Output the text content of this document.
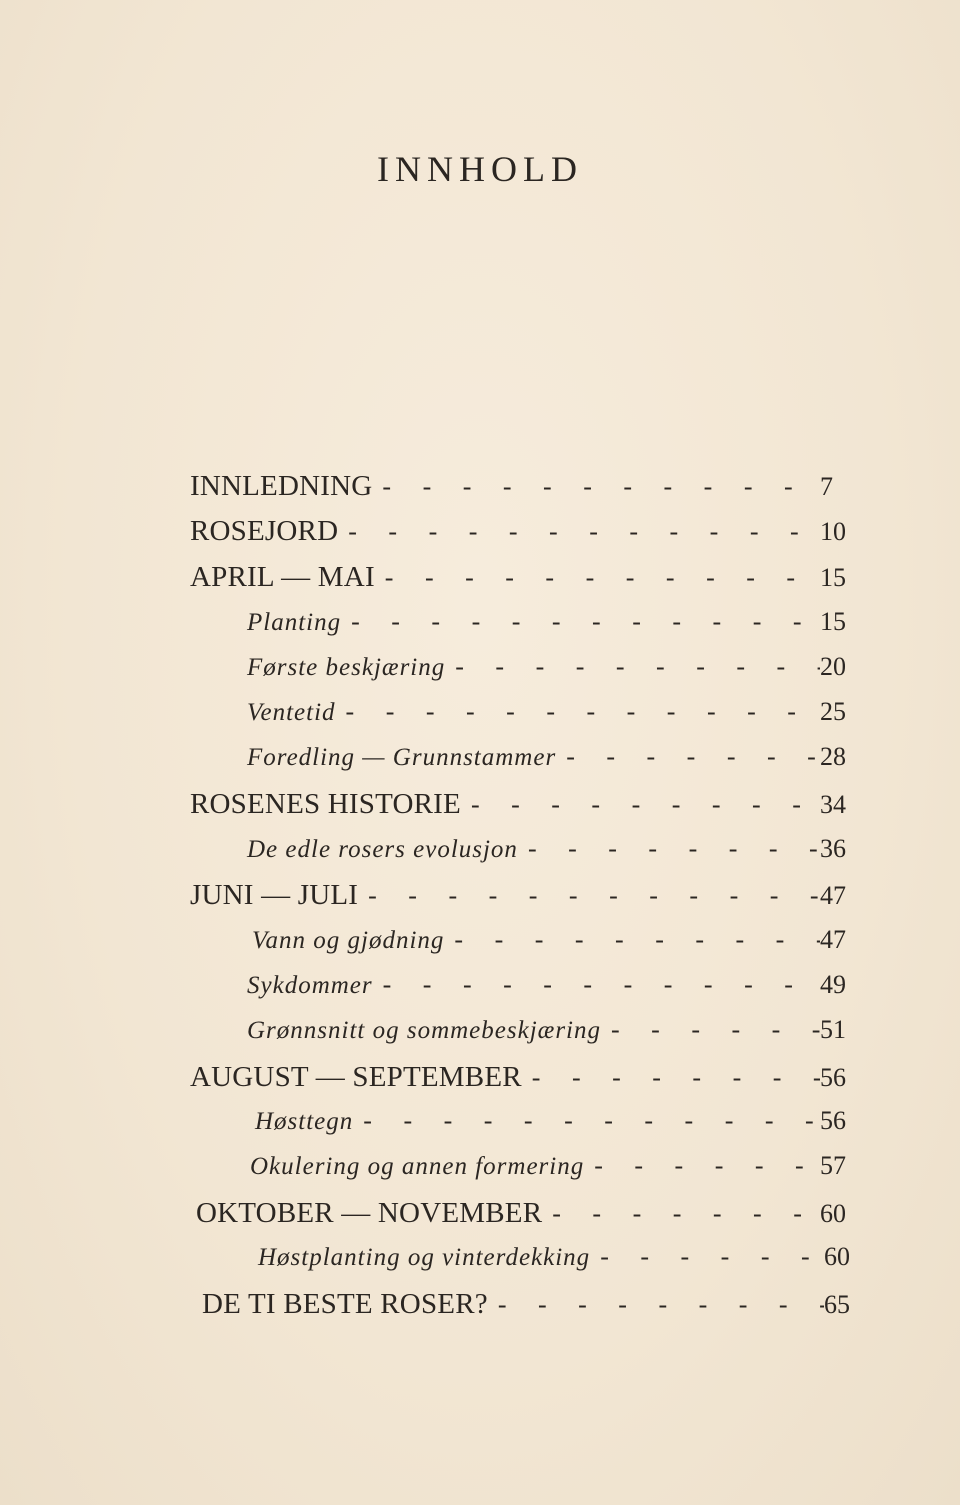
INNHOLD
INNLEDNING - - -	7
ROSEJORD - - -	10
APRIL — MAI - - -	15
Planting - - -	15
Første beskjæring - - -	20
Ventetid - - -	25
Foredling — Grunnstammer - - -	28
ROSENES HISTORIE - - -	34
De edle rosers evolusjon - - -	36
JUNI — JULI - - -	47
Vann og gjødning - - -	47
Sykdommer - - -	49
Grønnsnitt og sommebeskjæring - - -	51
AUGUST — SEPTEMBER - - -	56
Høsttegn - - -	56
Okulering og annen formering - - -	57
OKTOBER — NOVEMBER - - -	60
Høstplanting og vinterdekking - - -	60
DE TI BESTE ROSER? - - -	65
